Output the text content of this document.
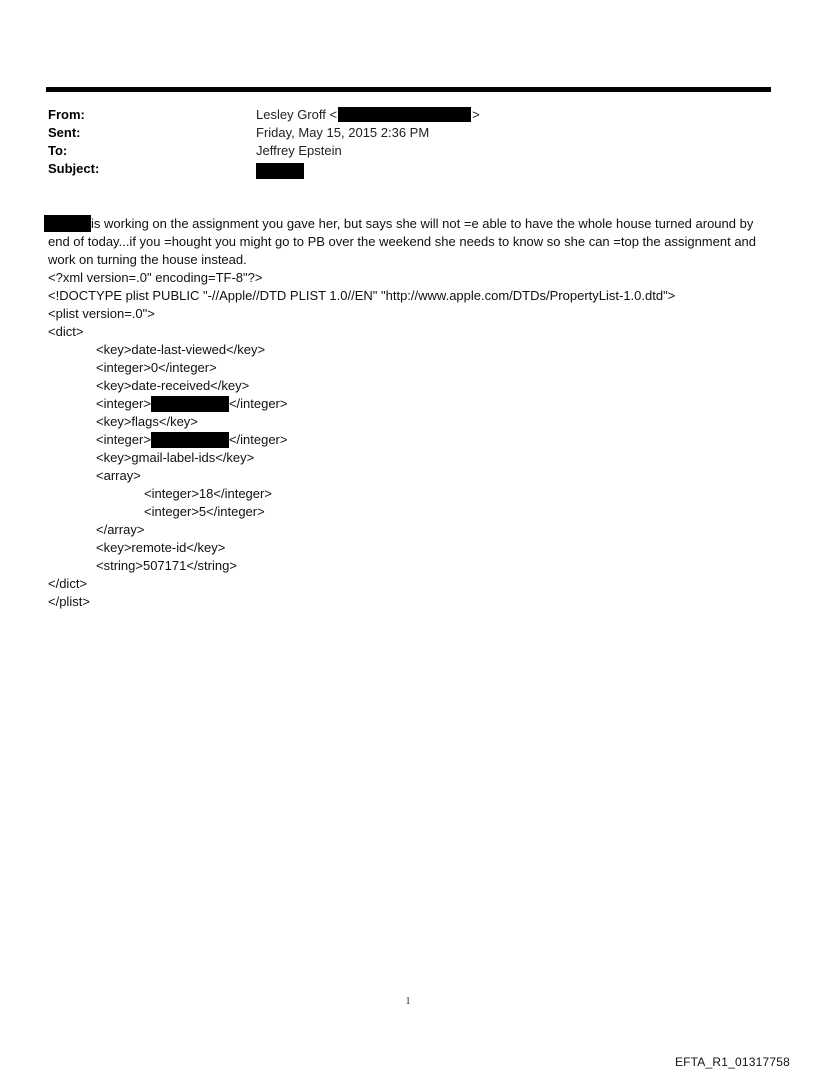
From:	Lesley Groff <	>
Sent:	Friday, May 15, 2015 2:36 PM
To:	Jeffrey Epstein
Subject:

is working on the assignment you gave her, but says she will not =e able to have the whole house turned around by end of today...if you =hought you might go to PB over the weekend she needs to know so she can =top the assignment and work on turning the house instead.

<?xml version=.0" encoding=TF-8"?>
<!DOCTYPE plist PUBLIC "-//Apple//DTD PLIST 1.0//EN" "http://www.apple.com/DTDs/PropertyList-1.0.dtd">
<plist version=.0">
<dict>
<key>date-last-viewed</key>
<integer>0</integer>
<key>date-received</key>
<integer>	</integer>
<key>flags</key>
<integer>	</integer>
<key>gmail-label-ids</key>
<array>
<integer>18</integer>
<integer>5</integer>
</array>
<key>remote-id</key>
<string>507171</string>
</dict>
</plist>
1
EFTA_R1_01317758
